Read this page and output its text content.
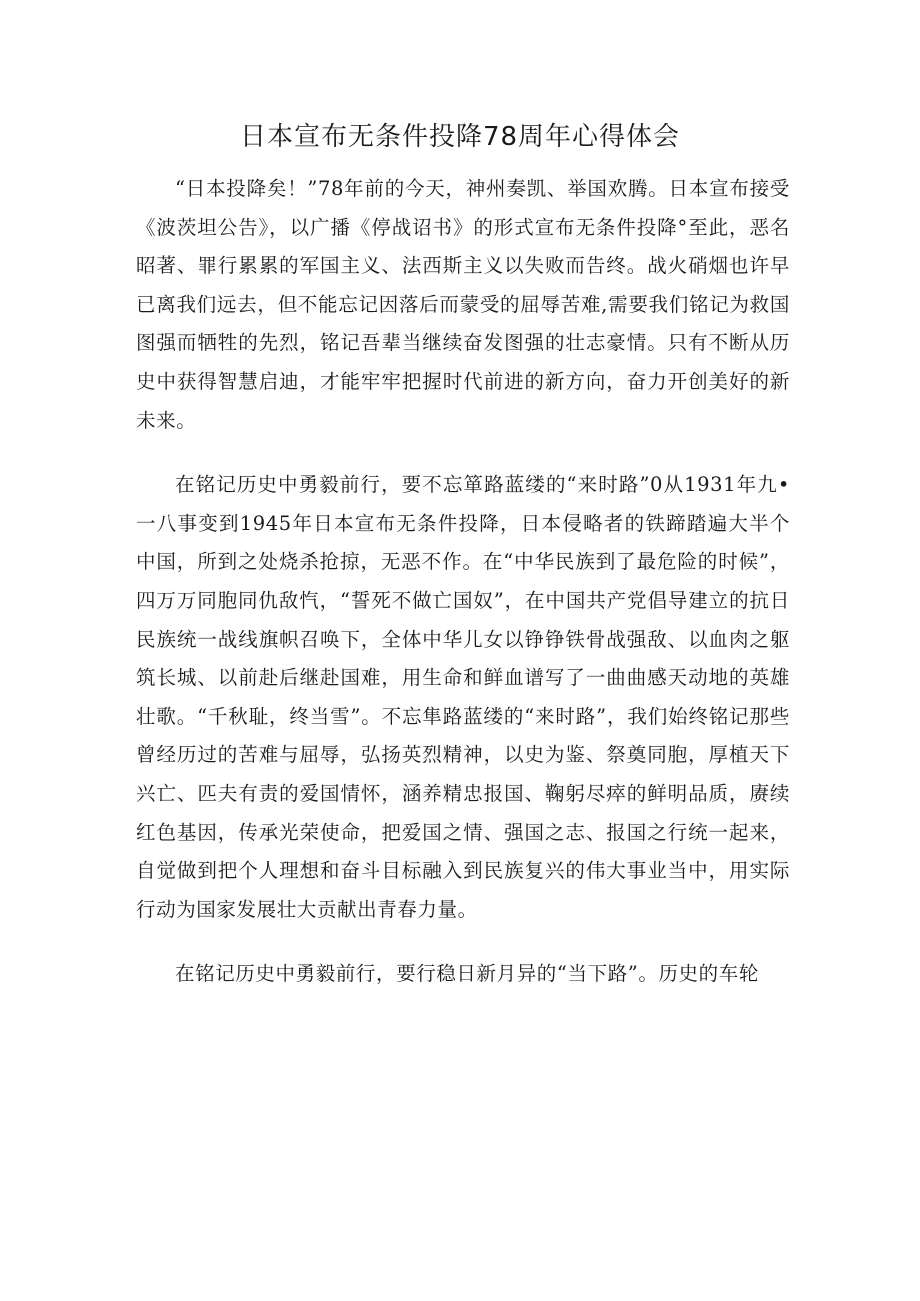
日本宣布无条件投降78周年心得体会

“日本投降矣！”78年前的今天，神州奏凯、举国欢腾。日本宣布接受《波茨坦公告》，以广播《停战诏书》的形式宣布无条件投降°至此，恶名昭著、罪行累累的军国主义、法西斯主义以失败而告终。战火硝烟也许早已离我们远去，但不能忘记因落后而蒙受的屈辱苦难,需要我们铭记为救国图强而牺牲的先烈，铭记吾辈当继续奋发图强的壮志豪情。只有不断从历史中获得智慧启迪，才能牢牢把握时代前进的新方向，奋力开创美好的新未来。

在铭记历史中勇毅前行，要不忘箪路蓝缕的“来时路”0从1931年九•一八事变到1945年日本宣布无条件投降，日本侵略者的铁蹄踏遍大半个中国，所到之处烧杀抢掠，无恶不作。在“中华民族到了最危险的时候”，四万万同胞同仇敌忾，“誓死不做亡国奴”，在中国共产党倡导建立的抗日民族统一战线旗帜召唤下，全体中华儿女以铮铮铁骨战强敌、以血肉之躯筑长城、以前赴后继赴国难，用生命和鲜血谱写了一曲曲感天动地的英雄壮歌。“千秋耻，终当雪”。不忘隼路蓝缕的“来时路”，我们始终铭记那些曾经历过的苦难与屈辱，弘扬英烈精神，以史为鉴、祭奠同胞，厚植天下兴亡、匹夫有责的爱国情怀，涵养精忠报国、鞠躬尽瘁的鲜明品质，赓续红色基因，传承光荣使命，把爱国之情、强国之志、报国之行统一起来，自觉做到把个人理想和奋斗目标融入到民族复兴的伟大事业当中，用实际行动为国家发展壮大贡献出青春力量。

在铭记历史中勇毅前行，要行稳日新月异的“当下路”。历史的车轮
